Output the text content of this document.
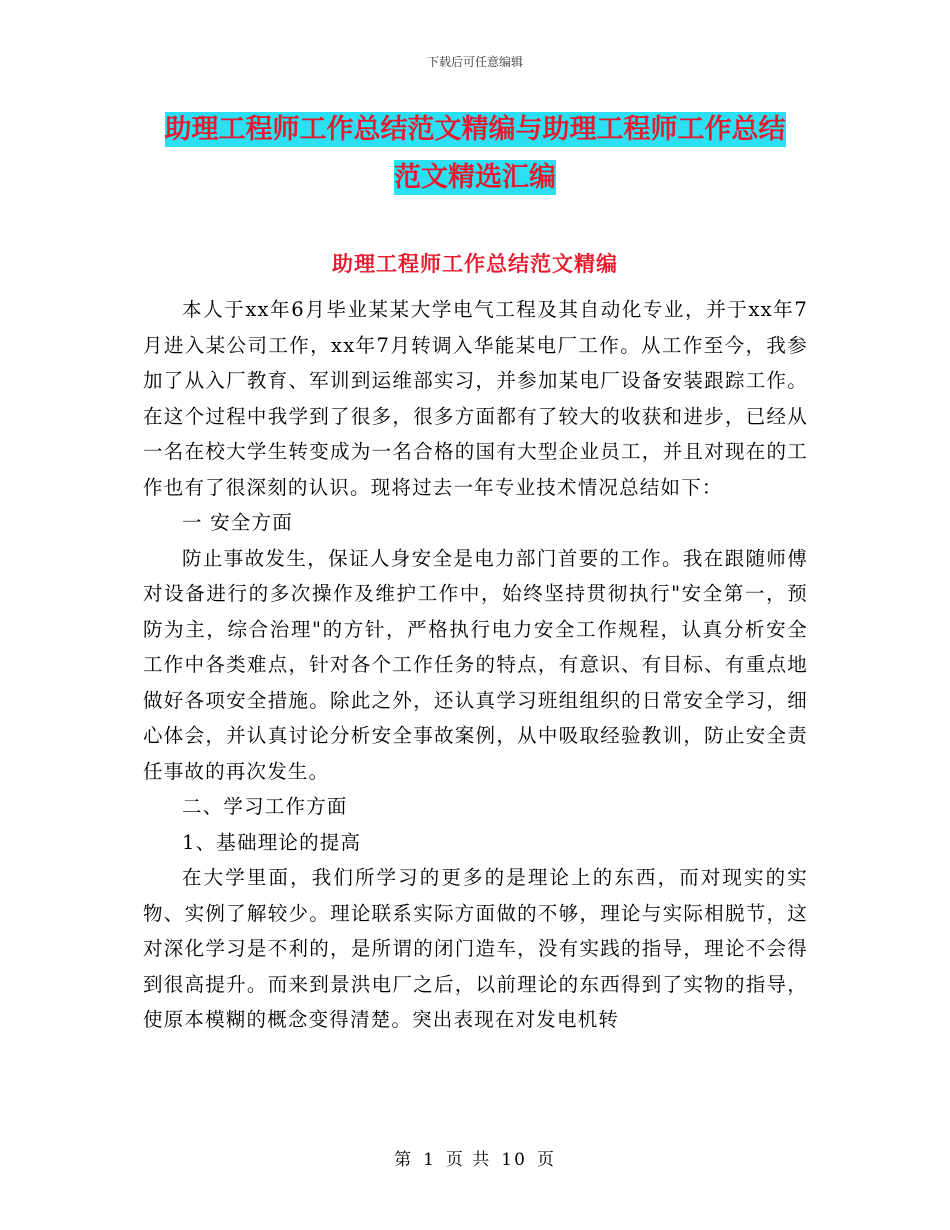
下载后可任意编辑
助理工程师工作总结范文精编与助理工程师工作总结
范文精选汇编
助理工程师工作总结范文精编

本人于xx年6月毕业某某大学电气工程及其自动化专业，并于xx年7月进入某公司工作，xx年7月转调入华能某电厂工作。从工作至今，我参加了从入厂教育、军训到运维部实习，并参加某电厂设备安装跟踪工作。在这个过程中我学到了很多，很多方面都有了较大的收获和进步，已经从一名在校大学生转变成为一名合格的国有大型企业员工，并且对现在的工作也有了很深刻的认识。现将过去一年专业技术情况总结如下：

一 安全方面

防止事故发生，保证人身安全是电力部门首要的工作。我在跟随师傅对设备进行的多次操作及维护工作中，始终坚持贯彻执行"安全第一，预防为主，综合治理"的方针，严格执行电力安全工作规程，认真分析安全工作中各类难点，针对各个工作任务的特点，有意识、有目标、有重点地做好各项安全措施。除此之外，还认真学习班组组织的日常安全学习，细心体会，并认真讨论分析安全事故案例，从中吸取经验教训，防止安全责任事故的再次发生。

二、学习工作方面

1、基础理论的提高

在大学里面，我们所学习的更多的是理论上的东西，而对现实的实物、实例了解较少。理论联系实际方面做的不够，理论与实际相脱节，这对深化学习是不利的，是所谓的闭门造车，没有实践的指导，理论不会得到很高提升。而来到景洪电厂之后，以前理论的东西得到了实物的指导，使原本模糊的概念变得清楚。突出表现在对发电机转

第 1 页 共 10 页
